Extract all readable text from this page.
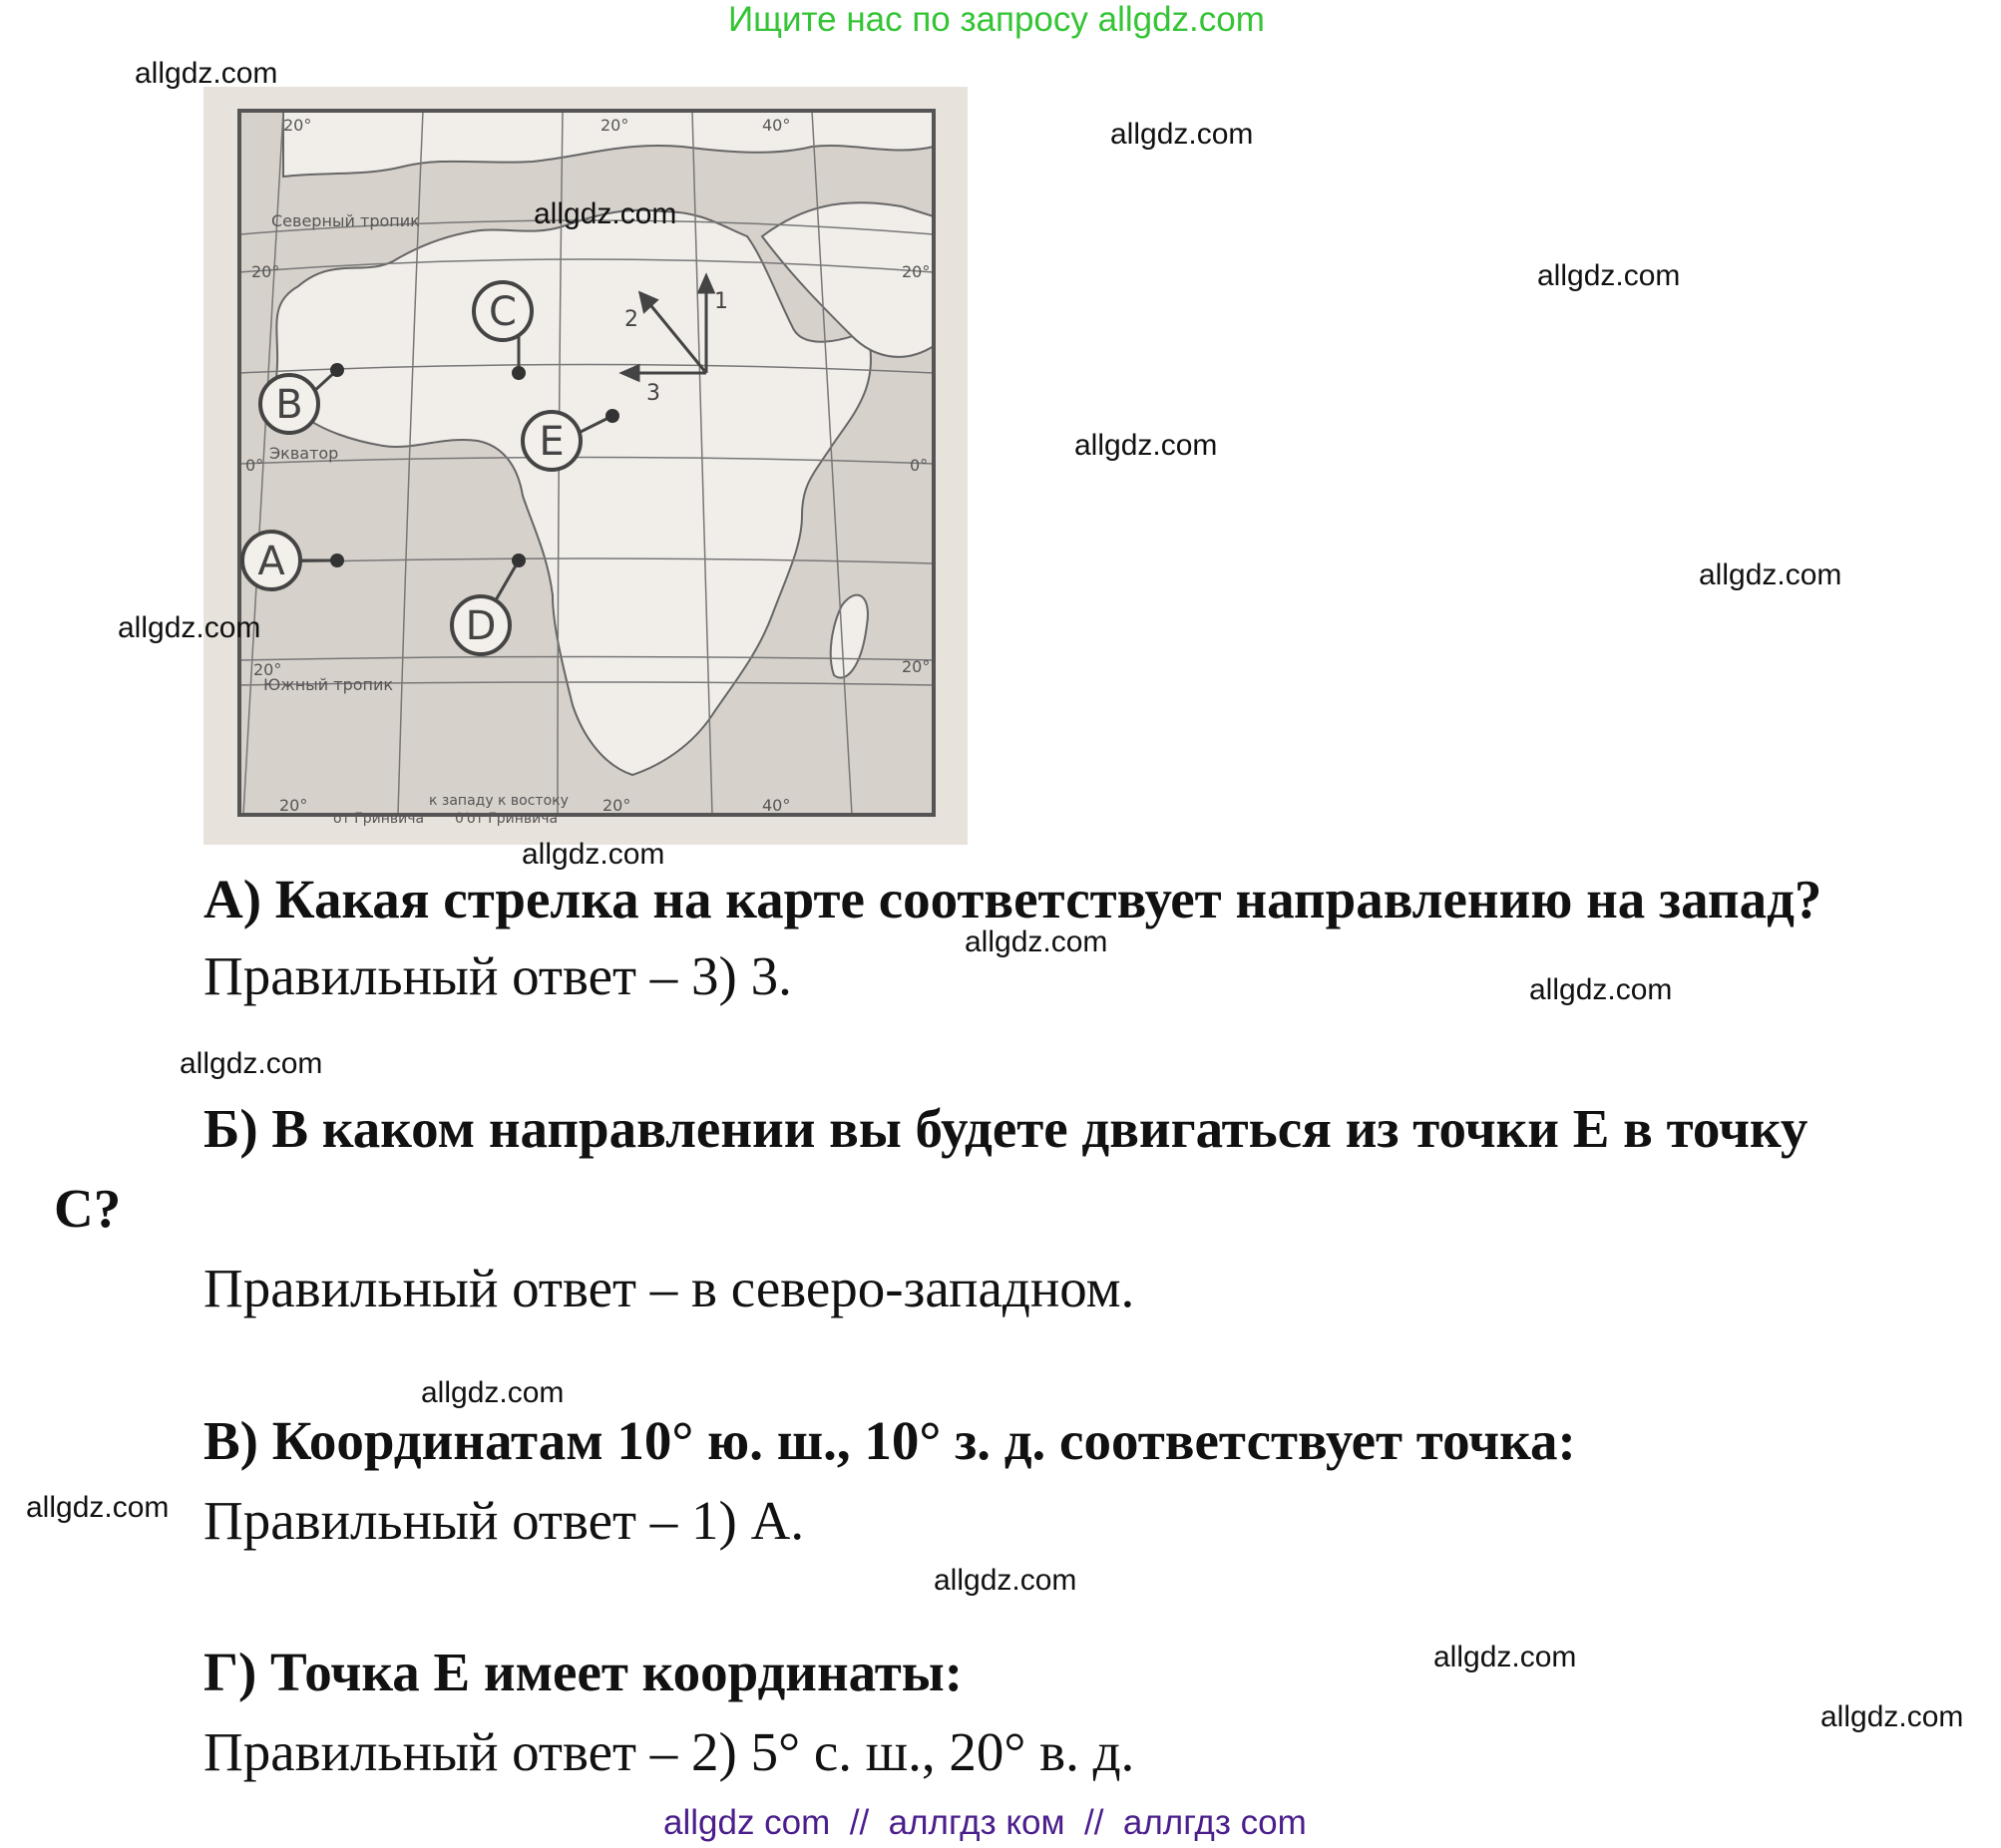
Ищите нас по запросу allgdz.com
20°	20°	40°
20°
0°
20°
20°
0°
20°
Северный тропик
Экватор
Южный тропик
20°	к западу
от Гринвича 0°
к востоку
от Гринвича
20°	40°
1
2
3
B
C
E
A
D
А) Какая стрелка на карте соответствует направлению на запад?
Правильный ответ – 3) 3.
Б) В каком направлении вы будете двигаться из точки Е в точку
С?
Правильный ответ – в северо-западном.
В) Координатам 10° ю. ш., 10° з. д. соответствует точка:
Правильный ответ – 1) А.
Г) Точка Е имеет координаты:
Правильный ответ – 2) 5° с. ш., 20° в. д.
allgdz.com
allgdz.com
allgdz.com
allgdz.com
allgdz.com
allgdz.com
allgdz.com
allgdz.com
allgdz.com
allgdz.com
allgdz.com
allgdz.com
allgdz.com
allgdz.com
allgdz.com
allgdz.com
allgdz com  //  аллгдз ком  //  аллгдз com
